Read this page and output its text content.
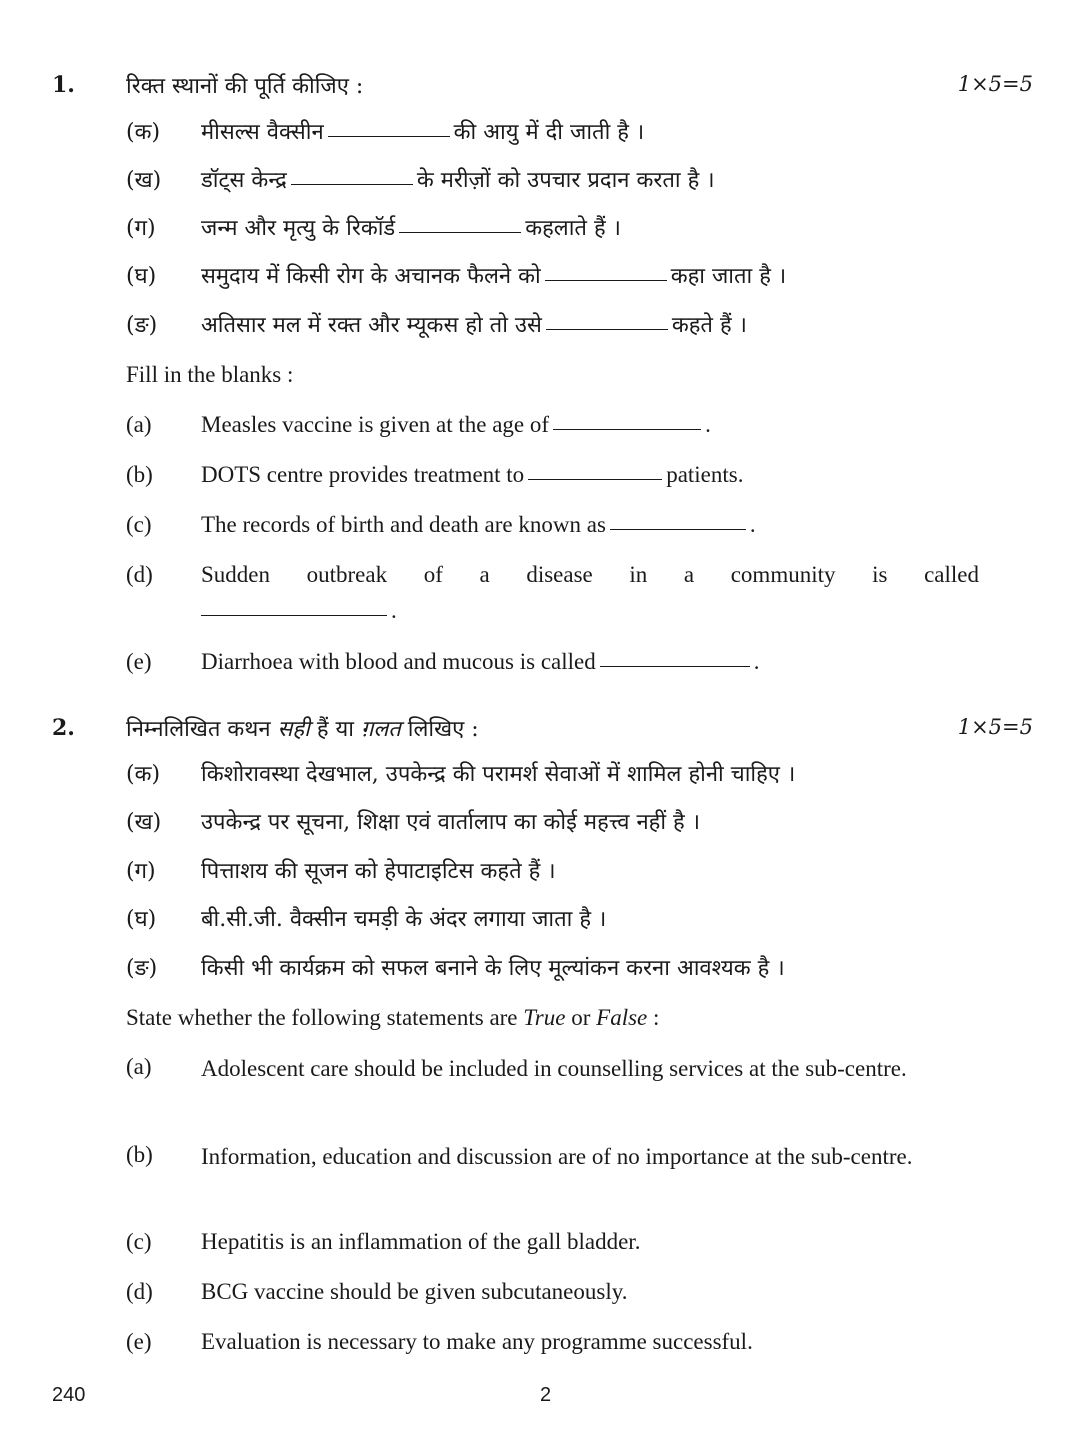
1. रिक्त स्थानों की पूर्ति कीजिए :	1×5=5
(क) मीसल्स वैक्सीन	की आयु में दी जाती है ।
(ख) डॉट्स केन्द्र	के मरीज़ों को उपचार प्रदान करता है ।
(ग) जन्म और मृत्यु के रिकॉर्ड	कहलाते हैं ।
(घ) समुदाय में किसी रोग के अचानक फैलने को	कहा जाता है ।
(ङ) अतिसार मल में रक्त और म्यूकस हो तो उसे	कहते हैं ।
Fill in the blanks :
(a) Measles vaccine is given at the age of	.
(b) DOTS centre provides treatment to	patients.
(c) The records of birth and death are known as	.
(d) Sudden outbreak of a disease in a community is called
.
(e) Diarrhoea with blood and mucous is called	.
2. निम्नलिखित कथन सही हैं या ग़लत लिखिए :	1×5=5
(क) किशोरावस्था देखभाल, उपकेन्द्र की परामर्श सेवाओं में शामिल होनी चाहिए ।
(ख) उपकेन्द्र पर सूचना, शिक्षा एवं वार्तालाप का कोई महत्त्व नहीं है ।
(ग) पित्ताशय की सूजन को हेपाटाइटिस कहते हैं ।
(घ) बी.सी.जी. वैक्सीन चमड़ी के अंदर लगाया जाता है ।
(ङ) किसी भी कार्यक्रम को सफल बनाने के लिए मूल्यांकन करना आवश्यक है ।
State whether the following statements are True or False :
(a) Adolescent care should be included in counselling services at the sub-centre.
(b) Information, education and discussion are of no importance at the sub-centre.
(c) Hepatitis is an inflammation of the gall bladder.
(d) BCG vaccine should be given subcutaneously.
(e) Evaluation is necessary to make any programme successful.
240	2
